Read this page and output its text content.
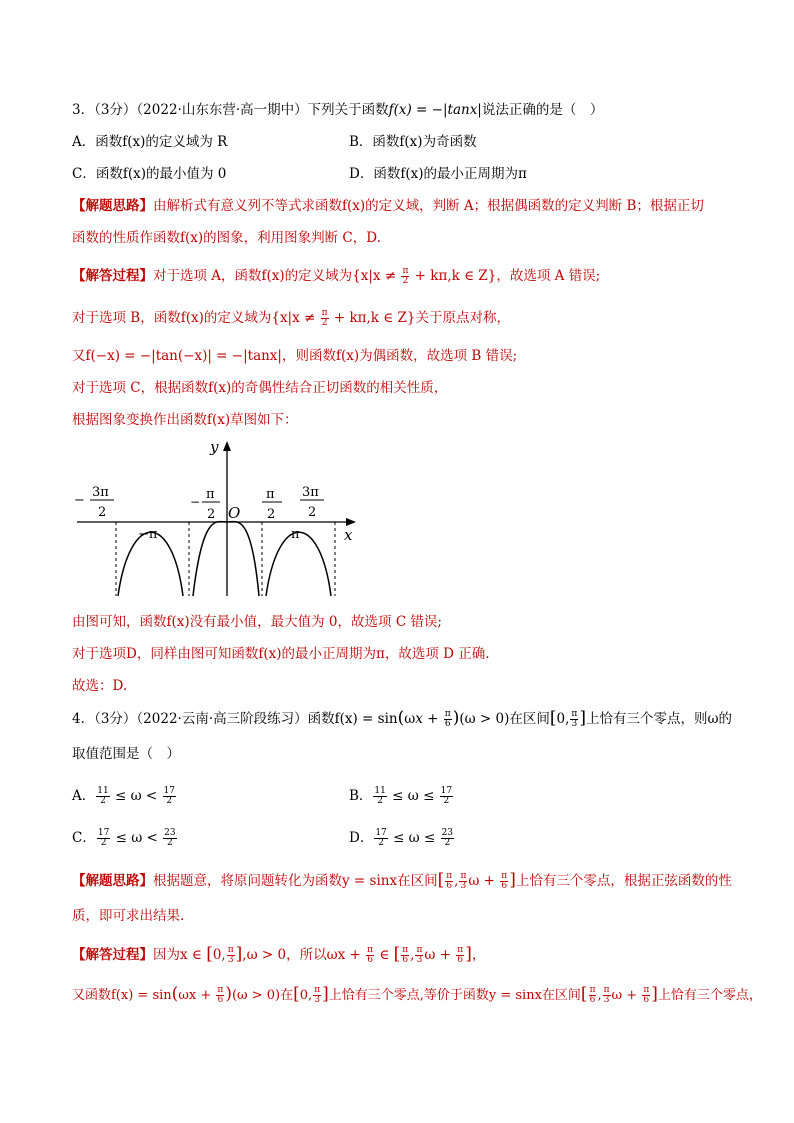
3．（3分）（2022·山东东营·高一期中）下列关于函数f(x) = −|tanx|说法正确的是（　）
A．函数f(x)的定义域为 R	B．函数f(x)为奇函数
C．函数f(x)的最小值为 0	D．函数f(x)的最小正周期为π
【解题思路】由解析式有意义列不等式求函数f(x)的定义域，判断 A；根据偶函数的定义判断 B；根据正切
函数的性质作函数f(x)的图象，利用图象判断 C，D.
【解答过程】对于选项 A，函数f(x)的定义域为{$x|x \ne \frac{\pi}{2} + k\pi,k$ ∈ Z}，故选项 A 错误;
对于选项 B，函数f(x)的定义域为{$x|x \ne \frac{\pi}{2} + k\pi,k$ ∈ Z}关于原点对称，
又f(−x) = −|tan(−x)| = −|tanx|，则函数f(x)为偶函数，故选项 B 错误;
对于选项 C，根据函数f(x)的奇偶性结合正切函数的相关性质，
根据图象变换作出函数f(x)草图如下：
y
x
O
−
3π
2
− π
2
π
2
3π
2
−π	π
由图可知，函数f(x)没有最小值，最大值为 0，故选项 C 错误;
对于选项D，同样由图可知函数f(x)的最小正周期为π，故选项 D 正确.
故选：D.
4．（3分）（2022·云南·高三阶段练习）函数$f(x) = \sin(\omega x + \frac{\pi}{6} )(\omega > 0)$在区间[0, $\frac{\pi}{3}$ ]上恰有三个零点，则ω的
取值范围是（　）
A． $\frac{11}{2} \le \omega < \frac{17}{2}$	B． $\frac{11}{2} \le \omega \le \frac{17}{2}$
C． $\frac{17}{2} \le \omega < \frac{23}{2}$	D． $\frac{17}{2} \le \omega \le \frac{23}{2}$
【解题思路】根据题意，将原问题转化为函数y = sinx在区间[ $\frac{\pi}{6}$ , $\frac{\pi}{3}$ $\omega + \frac{\pi}{6}$ ]上恰有三个零点，根据正弦函数的性
质，即可求出结果.
【解答过程】因为x ∈ [0, $\frac{\pi}{3} ],\omega > 0$，所以$\omega x + \frac{\pi}{6}$ ∈ [ $\frac{\pi}{6}$ , $\frac{\pi}{3}$ $\omega + \frac{\pi}{6}$ ]，
又函数$f(x) = \sin(\omega x + \frac{\pi}{6} )(\omega > 0)$在[0, $\frac{\pi}{3}$ ]上恰有三个零点,等价于函数y = sinx在区间[ $\frac{\pi}{6}$ , $\frac{\pi}{3}$ $\omega + \frac{\pi}{6}$ ]上恰有三个零点，
